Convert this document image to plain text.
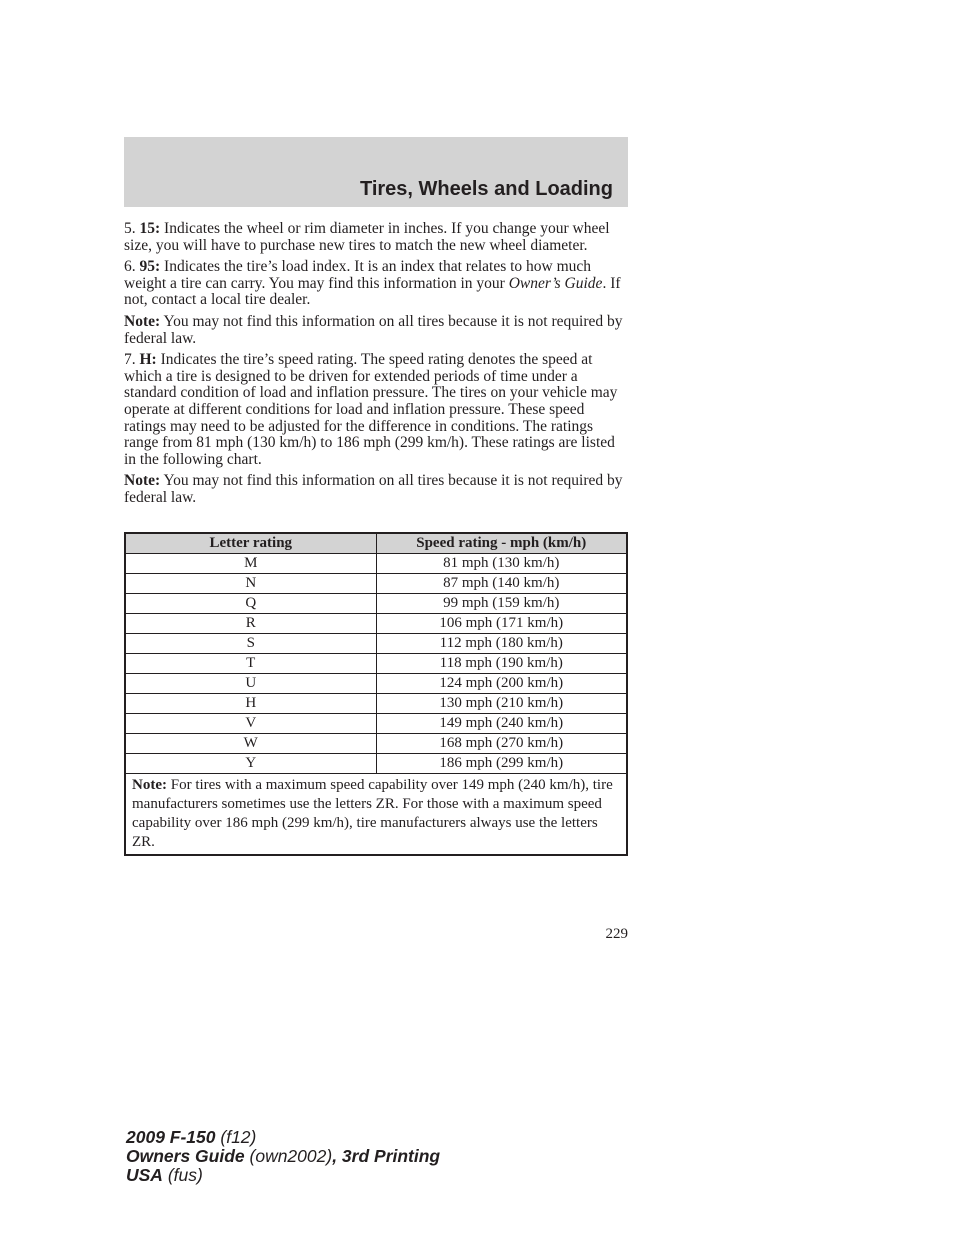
Tires, Wheels and Loading

5. 15: Indicates the wheel or rim diameter in inches. If you change your wheel size, you will have to purchase new tires to match the new wheel diameter.

6. 95: Indicates the tire’s load index. It is an index that relates to how much weight a tire can carry. You may find this information in your Owner’s Guide. If not, contact a local tire dealer.

Note: You may not find this information on all tires because it is not required by federal law.

7. H: Indicates the tire’s speed rating. The speed rating denotes the speed at which a tire is designed to be driven for extended periods of time under a standard condition of load and inflation pressure. The tires on your vehicle may operate at different conditions for load and inflation pressure. These speed ratings may need to be adjusted for the difference in conditions. The ratings range from 81 mph (130 km/h) to 186 mph (299 km/h). These ratings are listed in the following chart.

Note: You may not find this information on all tires because it is not required by federal law.

Letter rating	Speed rating - mph (km/h)
M	81 mph (130 km/h)
N	87 mph (140 km/h)
Q	99 mph (159 km/h)
R	106 mph (171 km/h)
S	112 mph (180 km/h)
T	118 mph (190 km/h)
U	124 mph (200 km/h)
H	130 mph (210 km/h)
V	149 mph (240 km/h)
W	168 mph (270 km/h)
Y	186 mph (299 km/h)
Note: For tires with a maximum speed capability over 149 mph (240 km/h), tire manufacturers sometimes use the letters ZR. For those with a maximum speed capability over 186 mph (299 km/h), tire manufacturers always use the letters ZR.	
229
2009 F-150 (f12)
Owners Guide (own2002), 3rd Printing
USA (fus)
